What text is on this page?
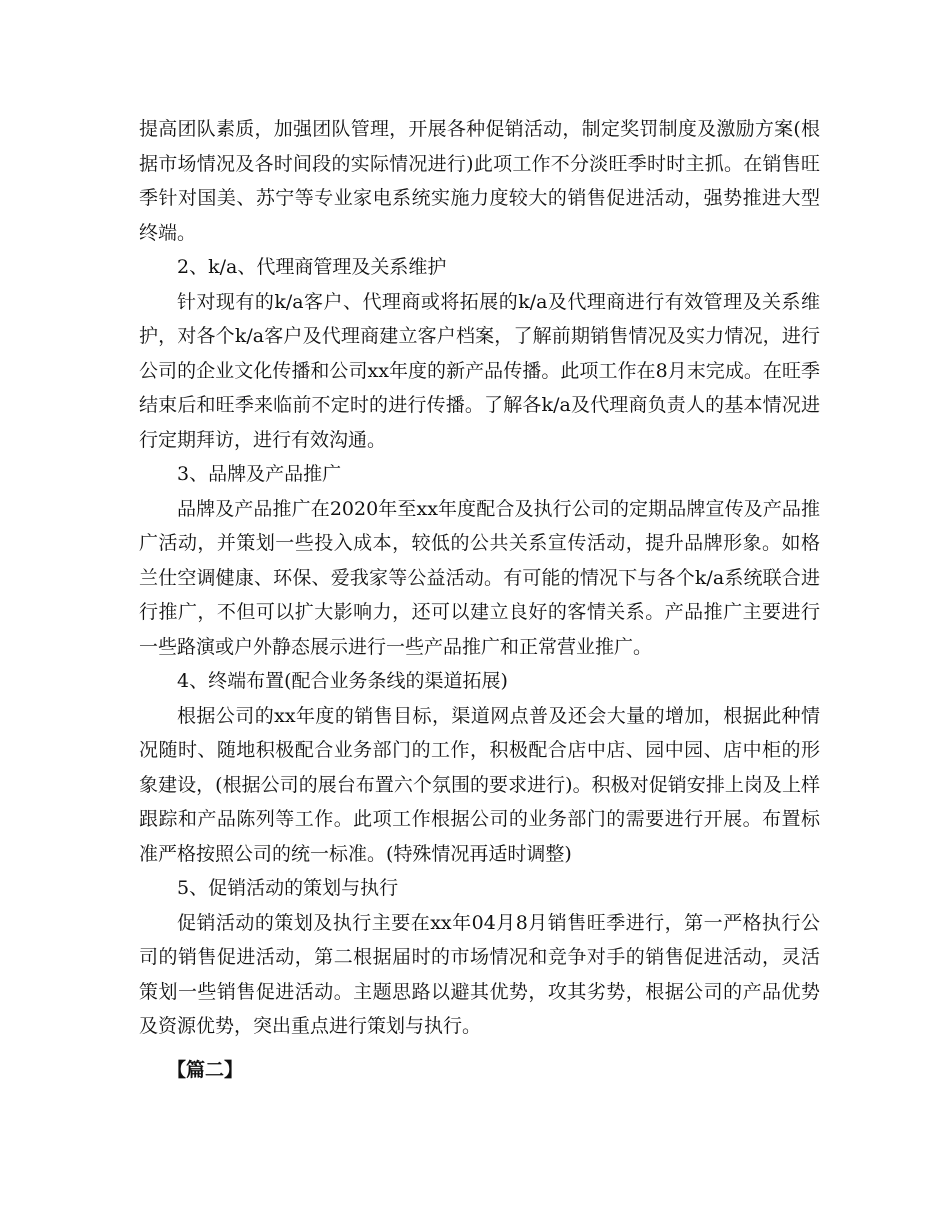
提高团队素质，加强团队管理，开展各种促销活动，制定奖罚制度及激励方案(根据市场情况及各时间段的实际情况进行)此项工作不分淡旺季时时主抓。在销售旺季针对国美、苏宁等专业家电系统实施力度较大的销售促进活动，强势推进大型终端。

2、k/a、代理商管理及关系维护

针对现有的k/a客户、代理商或将拓展的k/a及代理商进行有效管理及关系维护，对各个k/a客户及代理商建立客户档案，了解前期销售情况及实力情况，进行公司的企业文化传播和公司xx年度的新产品传播。此项工作在8月末完成。在旺季结束后和旺季来临前不定时的进行传播。了解各k/a及代理商负责人的基本情况进行定期拜访，进行有效沟通。

3、品牌及产品推广

品牌及产品推广在2020年至xx年度配合及执行公司的定期品牌宣传及产品推广活动，并策划一些投入成本，较低的公共关系宣传活动，提升品牌形象。如格兰仕空调健康、环保、爱我家等公益活动。有可能的情况下与各个k/a系统联合进行推广，不但可以扩大影响力，还可以建立良好的客情关系。产品推广主要进行一些路演或户外静态展示进行一些产品推广和正常营业推广。

4、终端布置(配合业务条线的渠道拓展)

根据公司的xx年度的销售目标，渠道网点普及还会大量的增加，根据此种情况随时、随地积极配合业务部门的工作，积极配合店中店、园中园、店中柜的形象建设，(根据公司的展台布置六个氛围的要求进行)。积极对促销安排上岗及上样跟踪和产品陈列等工作。此项工作根据公司的业务部门的需要进行开展。布置标准严格按照公司的统一标准。(特殊情况再适时调整)

5、促销活动的策划与执行

促销活动的策划及执行主要在xx年04月8月销售旺季进行，第一严格执行公司的销售促进活动，第二根据届时的市场情况和竞争对手的销售促进活动，灵活策划一些销售促进活动。主题思路以避其优势，攻其劣势，根据公司的产品优势及资源优势，突出重点进行策划与执行。

【篇二】
